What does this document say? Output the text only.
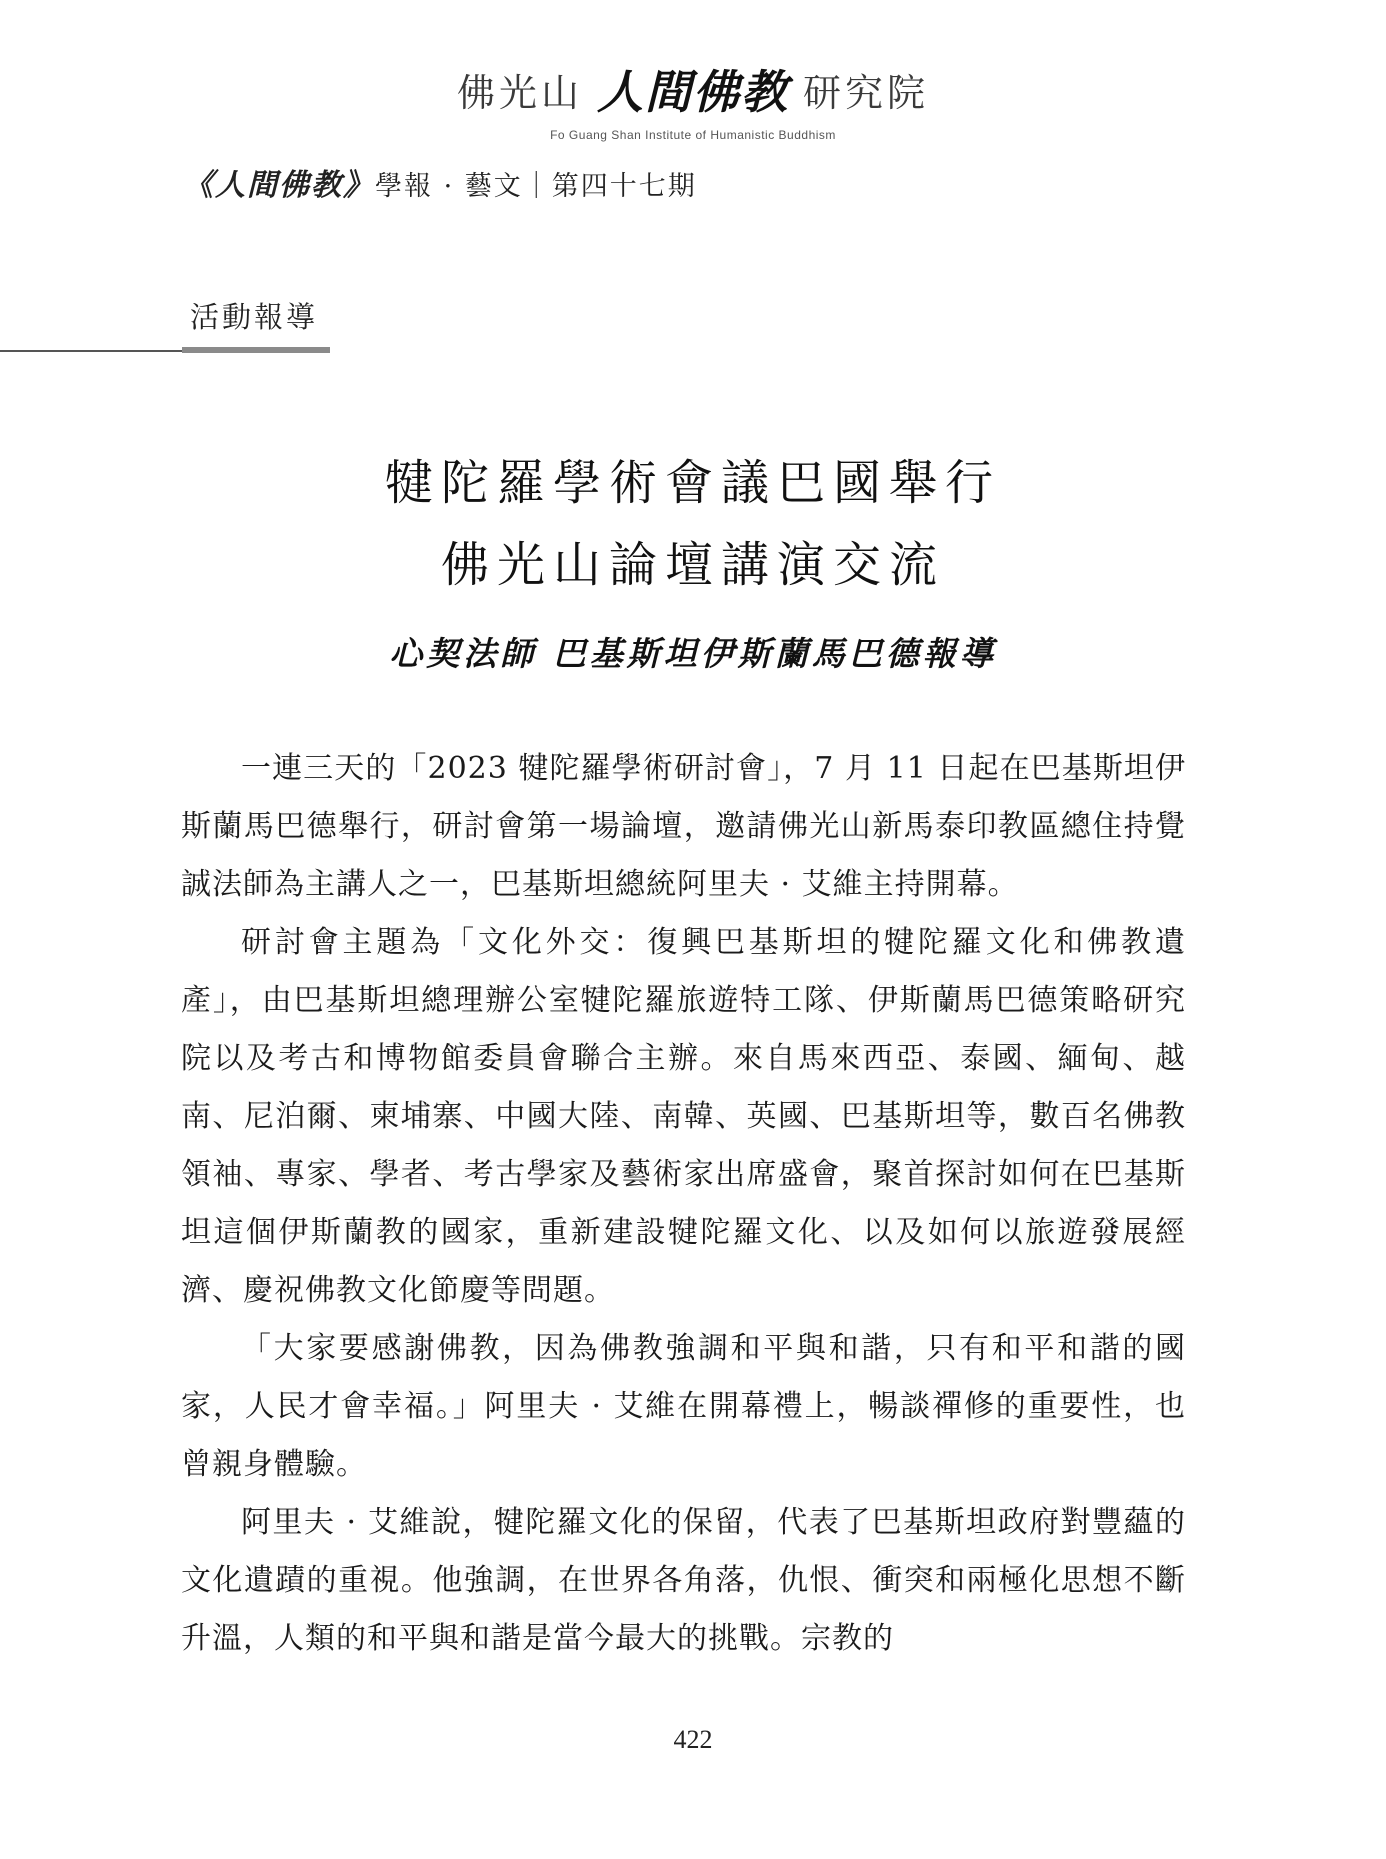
佛光山 人間佛教 研究院
Fo Guang Shan Institute of Humanistic Buddhism
《人間佛教》學報 · 藝文｜第四十七期
活動報導
犍陀羅學術會議巴國舉行
佛光山論壇講演交流
心契法師 巴基斯坦伊斯蘭馬巴德報導

一連三天的「2023 犍陀羅學術研討會」，7 月 11 日起在巴基斯坦伊斯蘭馬巴德舉行，研討會第一場論壇，邀請佛光山新馬泰印教區總住持覺誠法師為主講人之一，巴基斯坦總統阿里夫 · 艾維主持開幕。

研討會主題為「文化外交：復興巴基斯坦的犍陀羅文化和佛教遺產」，由巴基斯坦總理辦公室犍陀羅旅遊特工隊、伊斯蘭馬巴德策略研究院以及考古和博物館委員會聯合主辦。來自馬來西亞、泰國、緬甸、越南、尼泊爾、柬埔寨、中國大陸、南韓、英國、巴基斯坦等，數百名佛教領袖、專家、學者、考古學家及藝術家出席盛會，聚首探討如何在巴基斯坦這個伊斯蘭教的國家，重新建設犍陀羅文化、以及如何以旅遊發展經濟、慶祝佛教文化節慶等問題。

「大家要感謝佛教，因為佛教強調和平與和諧，只有和平和諧的國家，人民才會幸福。」阿里夫 · 艾維在開幕禮上，暢談禪修的重要性，也曾親身體驗。

阿里夫 · 艾維說，犍陀羅文化的保留，代表了巴基斯坦政府對豐蘊的文化遺蹟的重視。他強調，在世界各角落，仇恨、衝突和兩極化思想不斷升溫，人類的和平與和諧是當今最大的挑戰。宗教的

422
